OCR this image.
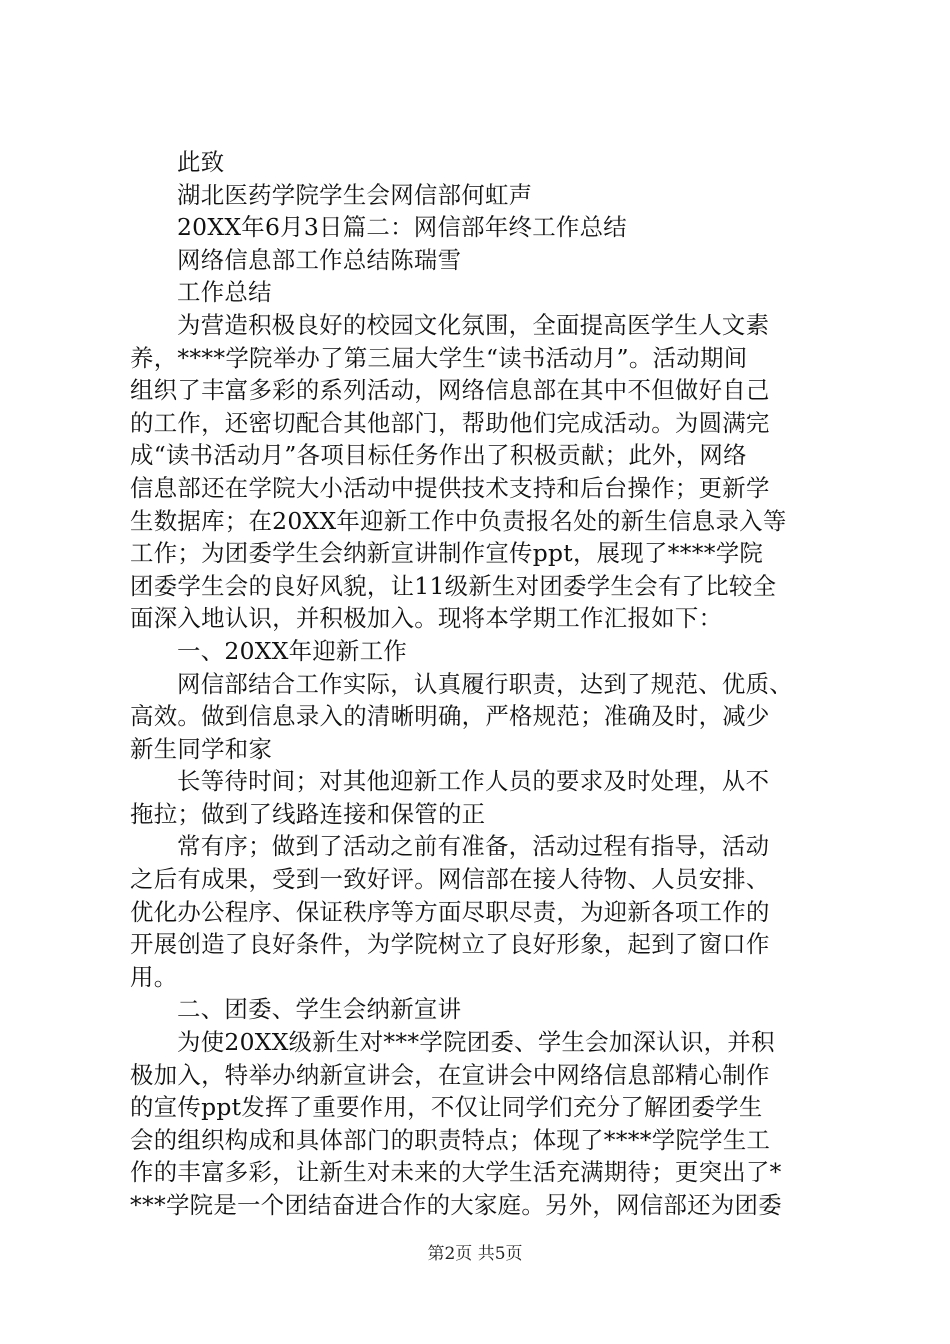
此致
湖北医药学院学生会网信部何虹声
20XX年6月3日篇二：网信部年终工作总结
网络信息部工作总结陈瑞雪
工作总结
为营造积极良好的校园文化氛围，全面提高医学生人文素
养，****学院举办了第三届大学生“读书活动月”。活动期间
组织了丰富多彩的系列活动，网络信息部在其中不但做好自己
的工作，还密切配合其他部门，帮助他们完成活动。为圆满完
成“读书活动月”各项目标任务作出了积极贡献；此外，网络
信息部还在学院大小活动中提供技术支持和后台操作；更新学
生数据库；在20XX年迎新工作中负责报名处的新生信息录入等
工作；为团委学生会纳新宣讲制作宣传ppt，展现了****学院
团委学生会的良好风貌，让11级新生对团委学生会有了比较全
面深入地认识，并积极加入。现将本学期工作汇报如下：
一、20XX年迎新工作
网信部结合工作实际，认真履行职责，达到了规范、优质、
高效。做到信息录入的清晰明确，严格规范；准确及时，减少
新生同学和家
长等待时间；对其他迎新工作人员的要求及时处理，从不
拖拉；做到了线路连接和保管的正
常有序；做到了活动之前有准备，活动过程有指导，活动
之后有成果，受到一致好评。网信部在接人待物、人员安排、
优化办公程序、保证秩序等方面尽职尽责，为迎新各项工作的
开展创造了良好条件，为学院树立了良好形象，起到了窗口作
用。
二、团委、学生会纳新宣讲
为使20XX级新生对***学院团委、学生会加深认识，并积
极加入，特举办纳新宣讲会，在宣讲会中网络信息部精心制作
的宣传ppt发挥了重要作用，不仅让同学们充分了解团委学生
会的组织构成和具体部门的职责特点；体现了****学院学生工
作的丰富多彩，让新生对未来的大学生活充满期待；更突出了*
***学院是一个团结奋进合作的大家庭。另外，网信部还为团委
第2页 共5页
